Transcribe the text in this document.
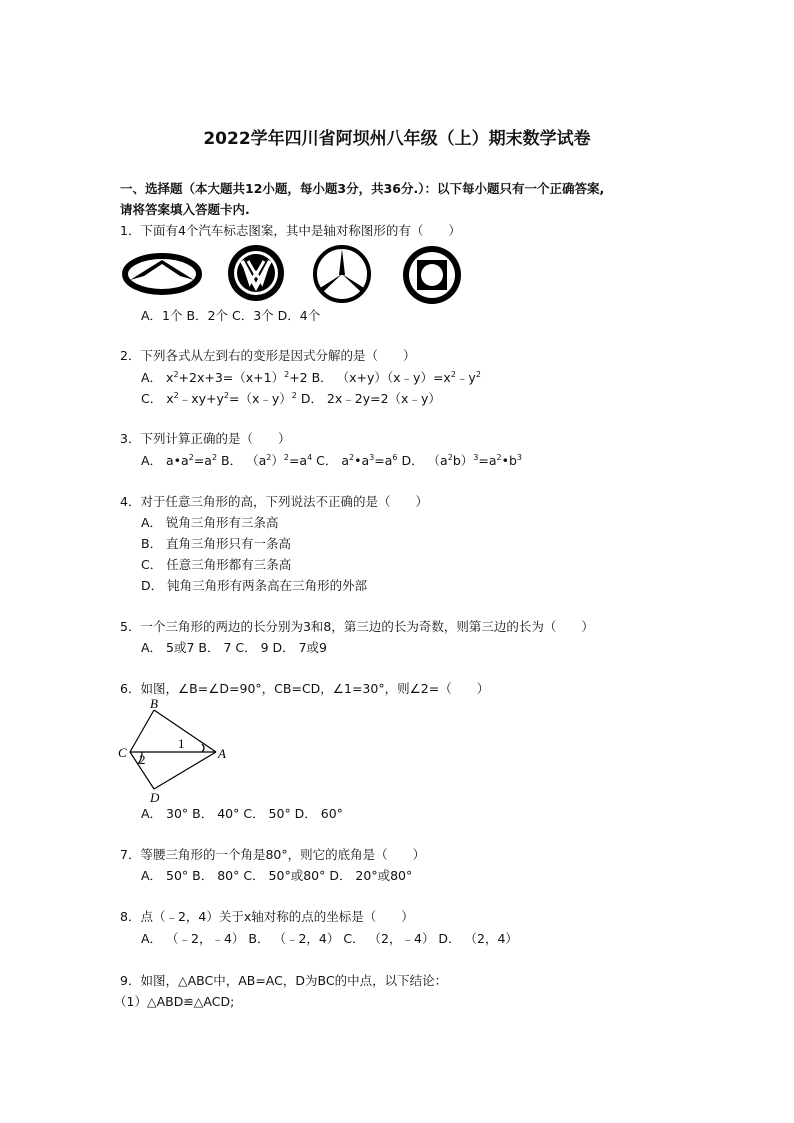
2022学年四川省阿坝州八年级（上）期末数学试卷
一、选择题（本大题共12小题，每小题3分，共36分.）：以下每小题只有一个正确答案,
请将答案填入答题卡内.
1．下面有4个汽车标志图案，其中是轴对称图形的有（　　）
A．1个 B．2个 C．3个 D．4个
2．下列各式从左到右的变形是因式分解的是（　　）
A． $x^2+2x+3=(x+1)^2+2$ B． $(x+y)(x﹣y)=x^2﹣y^2$
C． $x^2﹣xy+y^2=(x﹣y)^2$ D． 2x﹣2y=2（x﹣y）
3．下列计算正确的是（　　）
A． $a•a^2=a^2$ B． $(a^2)^2=a^4$ C． $a^2•a^3=a^6$ D． $(a^2b)^3=a^2•b^3$
4．对于任意三角形的高，下列说法不正确的是（　　）
A． 锐角三角形有三条高
B． 直角三角形只有一条高
C． 任意三角形都有三条高
D． 钝角三角形有两条高在三角形的外部
5．一个三角形的两边的长分别为3和8，第三边的长为奇数，则第三边的长为（　　）
A． 5或7 B． 7 C． 9 D． 7或9
6．如图，∠B=∠D=90°，CB=CD，∠1=30°，则∠2=（　　）
B
C	A
D
1
2
A． 30° B． 40° C． 50° D． 60°
7．等腰三角形的一个角是80°，则它的底角是（　　）
A． 50° B． 80° C． 50°或80° D． 20°或80°
8．点（﹣2，4）关于x轴对称的点的坐标是（　　）
A． （﹣2，﹣4） B． （﹣2，4） C． （2，﹣4） D． （2，4）
9．如图，△ABC中，AB=AC，D为BC的中点，以下结论：
（1）△ABD≌△ACD;
